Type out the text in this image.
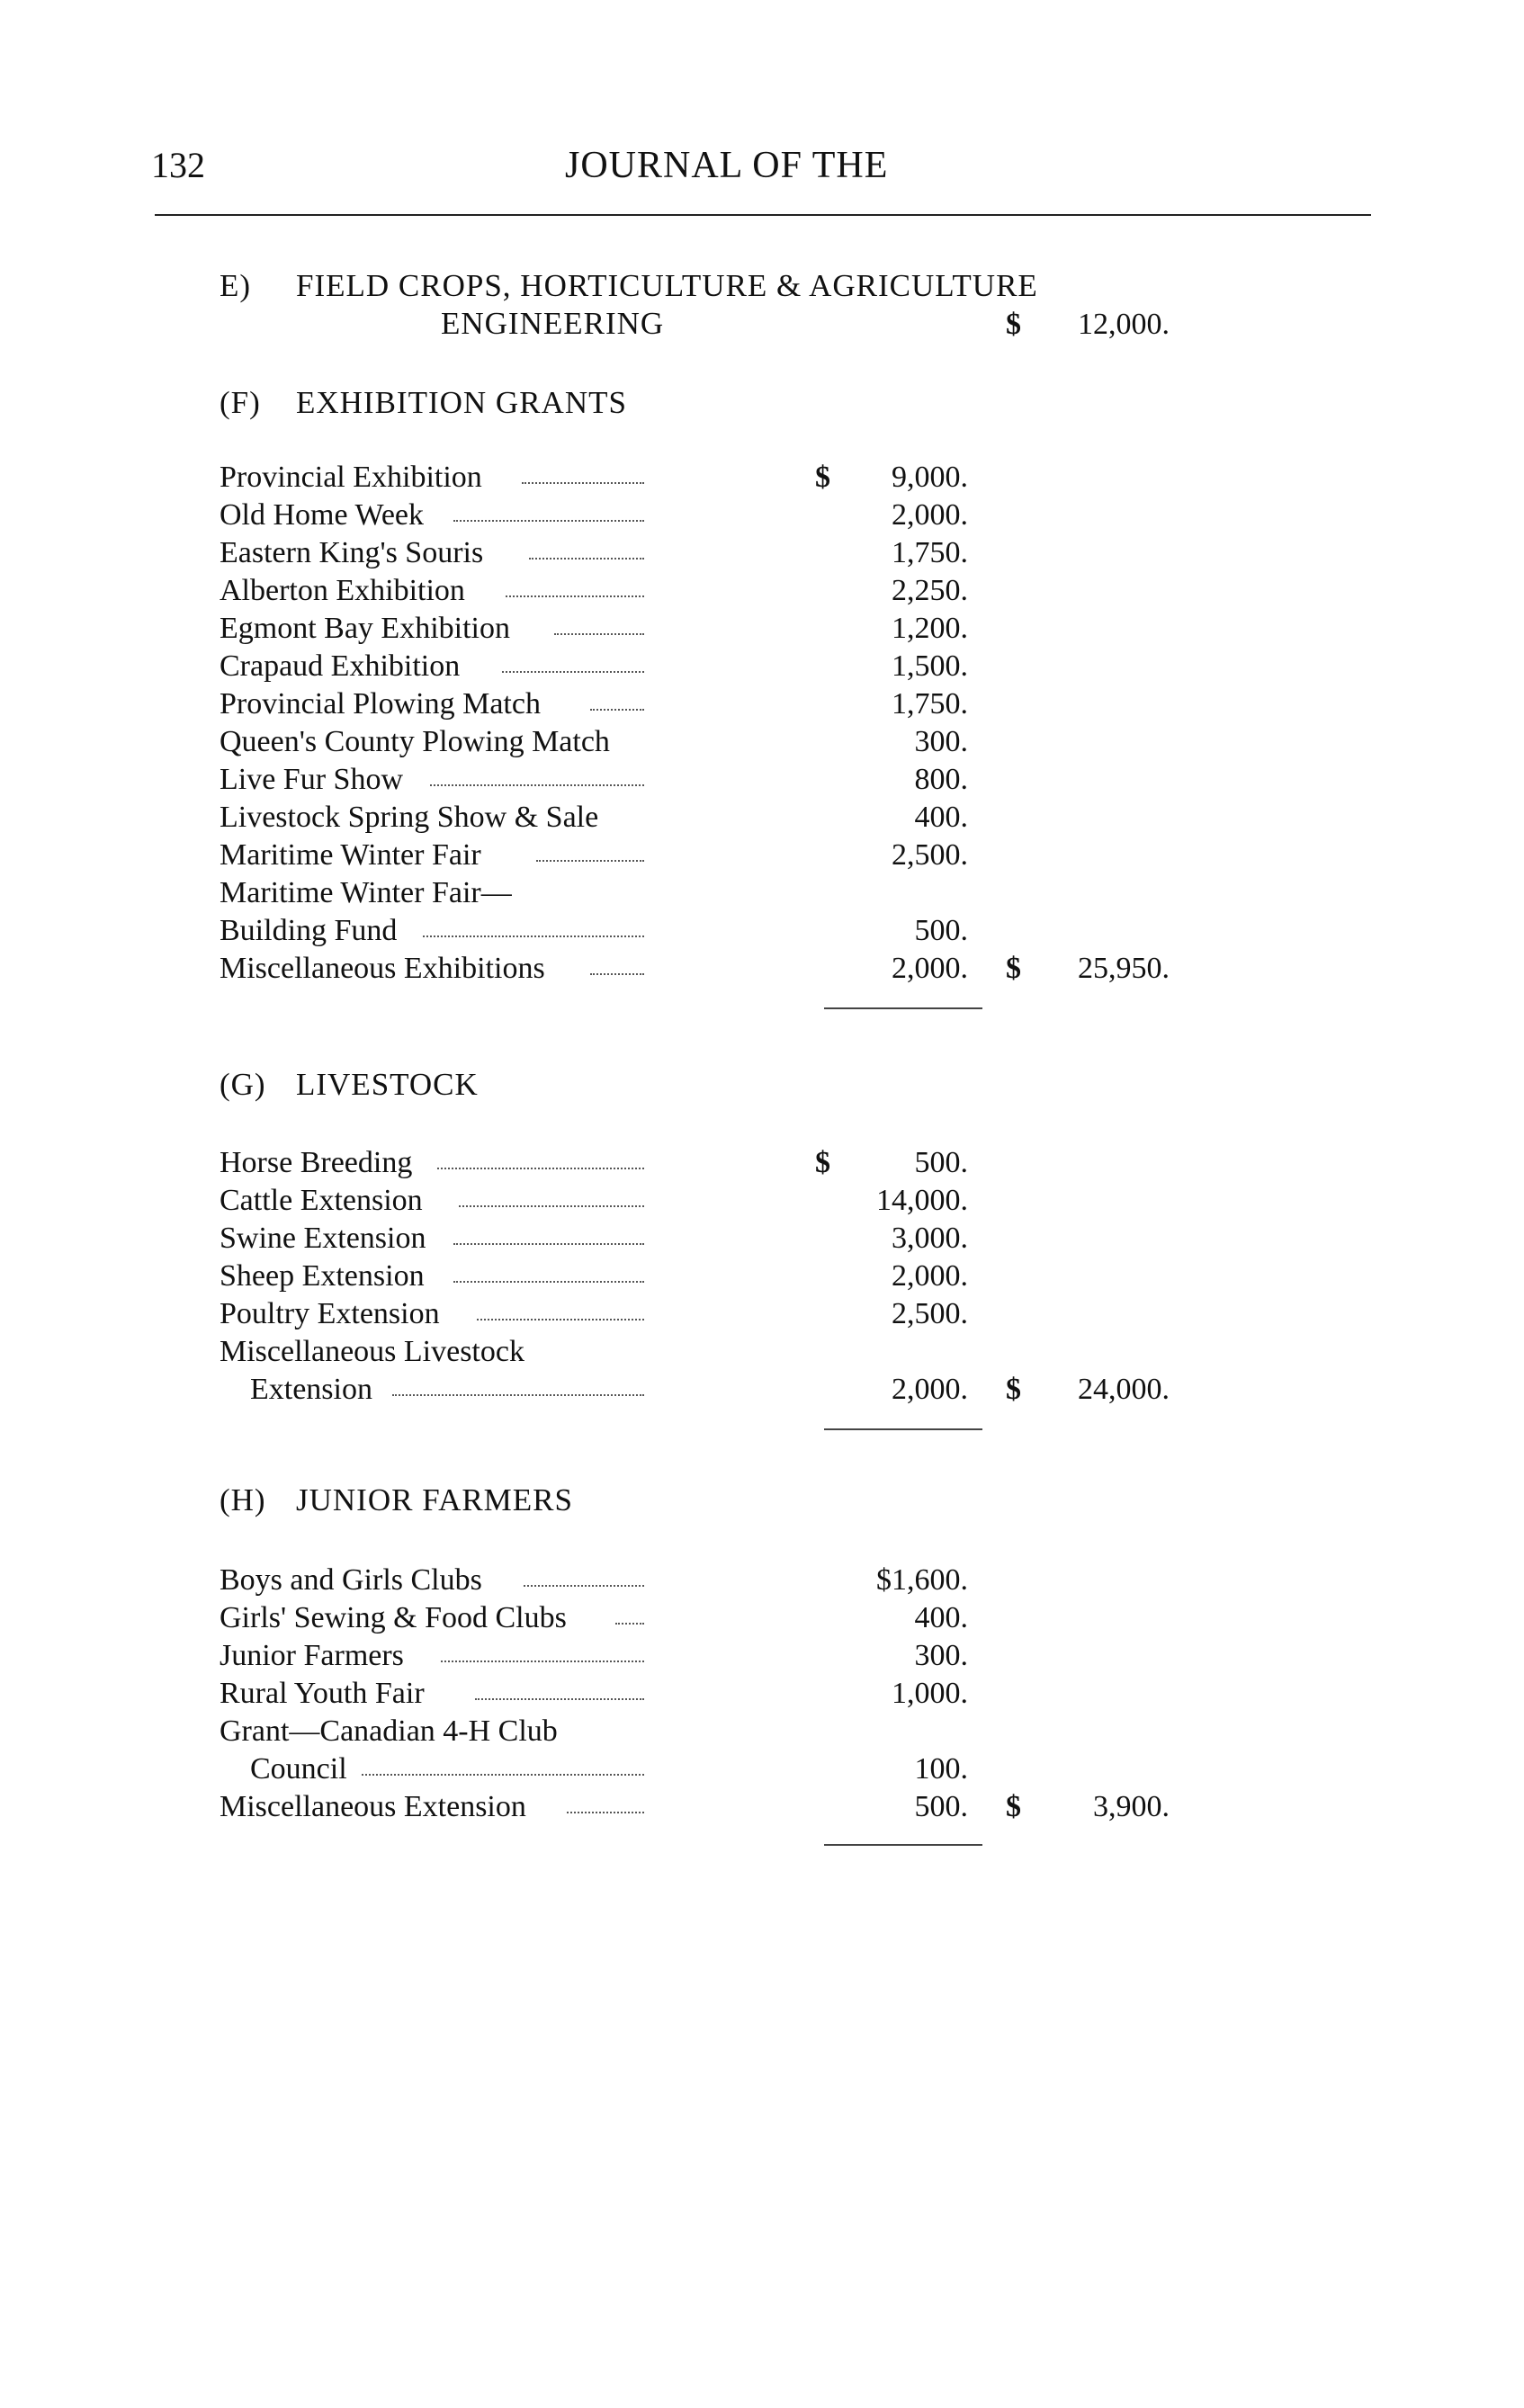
132	JOURNAL OF THE
E) FIELD CROPS, HORTICULTURE & AGRICULTURE
ENGINEERING	$ 12,000.
(F) EXHIBITION GRANTS
Provincial Exhibition	$ 9,000.
Old Home Week	2,000.
Eastern King's Souris	1,750.
Alberton Exhibition	2,250.
Egmont Bay Exhibition	1,200.
Crapaud Exhibition	1,500.
Provincial Plowing Match	1,750.
Queen's County Plowing Match	300.
Live Fur Show	800.
Livestock Spring Show & Sale	400.
Maritime Winter Fair	2,500.
Maritime Winter Fair—
Building Fund	500.
Miscellaneous Exhibitions	2,000. $ 25,950.
(G) LIVESTOCK
Horse Breeding	$	500.
Cattle Extension	14,000.
Swine Extension	3,000.
Sheep Extension	2,000.
Poultry Extension	2,500.
Miscellaneous Livestock
Extension	2,000. $ 24,000.
(H) JUNIOR FARMERS
Boys and Girls Clubs	$1,600.
Girls' Sewing & Food Clubs	400.
Junior Farmers	300.
Rural Youth Fair	1,000.
Grant—Canadian 4-H Club
Council	100.
Miscellaneous Extension	500. $ 3,900.
